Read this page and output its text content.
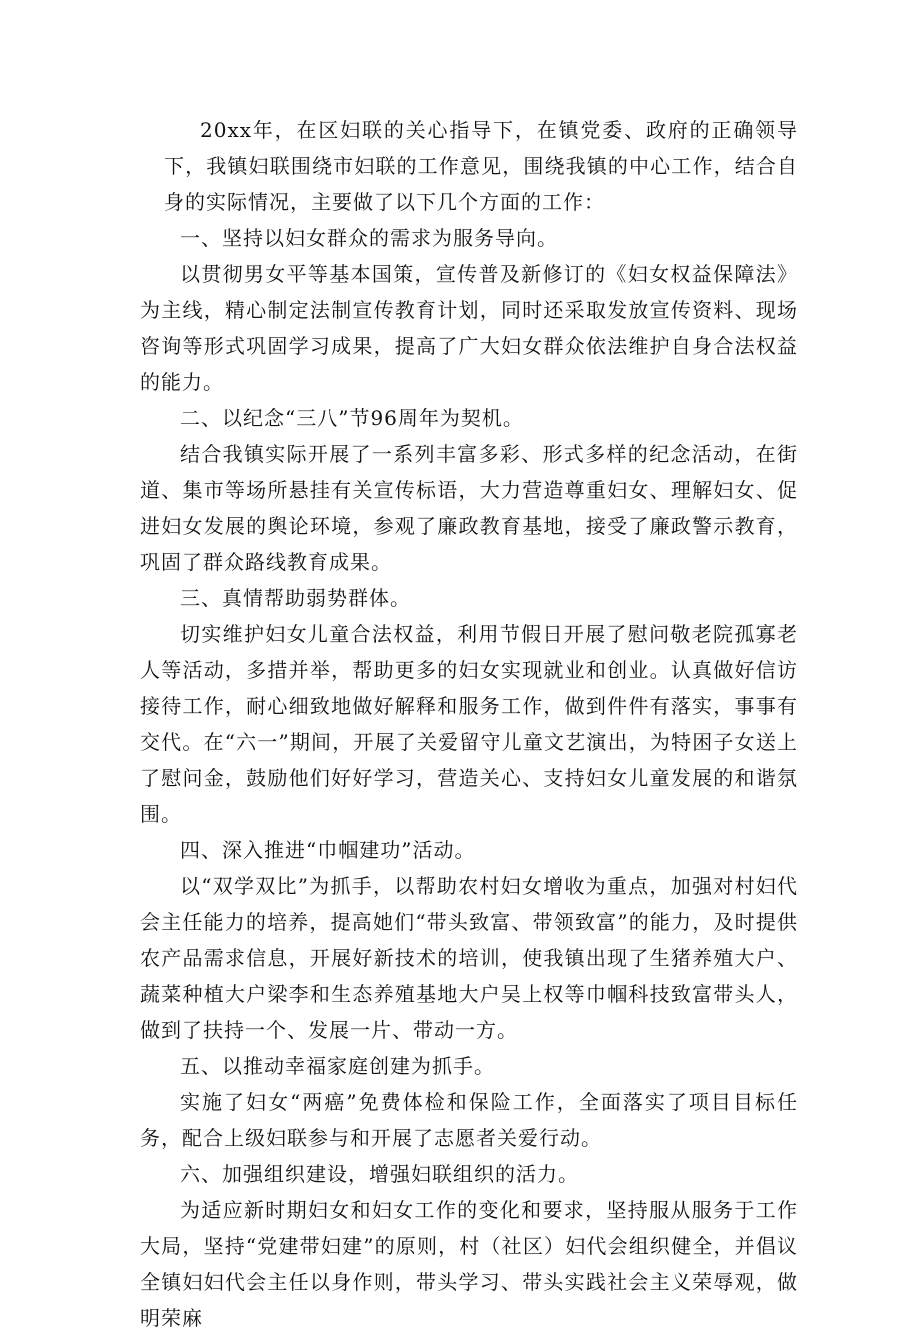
20xx年，在区妇联的关心指导下，在镇党委、政府的正确领导下，我镇妇联围绕市妇联的工作意见，围绕我镇的中心工作，结合自身的实际情况，主要做了以下几个方面的工作：

一、坚持以妇女群众的需求为服务导向。

以贯彻男女平等基本国策，宣传普及新修订的《妇女权益保障法》为主线，精心制定法制宣传教育计划，同时还采取发放宣传资料、现场咨询等形式巩固学习成果，提高了广大妇女群众依法维护自身合法权益的能力。

二、以纪念“三八”节96周年为契机。

结合我镇实际开展了一系列丰富多彩、形式多样的纪念活动，在街道、集市等场所悬挂有关宣传标语，大力营造尊重妇女、理解妇女、促进妇女发展的舆论环境，参观了廉政教育基地，接受了廉政警示教育，巩固了群众路线教育成果。

三、真情帮助弱势群体。

切实维护妇女儿童合法权益，利用节假日开展了慰问敬老院孤寡老人等活动，多措并举，帮助更多的妇女实现就业和创业。认真做好信访接待工作，耐心细致地做好解释和服务工作，做到件件有落实，事事有交代。在“六一”期间，开展了关爱留守儿童文艺演出，为特困子女送上了慰问金，鼓励他们好好学习，营造关心、支持妇女儿童发展的和谐氛围。

四、深入推进“巾帼建功”活动。

以“双学双比”为抓手，以帮助农村妇女增收为重点，加强对村妇代会主任能力的培养，提高她们“带头致富、带领致富”的能力，及时提供农产品需求信息，开展好新技术的培训，使我镇出现了生猪养殖大户、蔬菜种植大户梁李和生态养殖基地大户吴上权等巾帼科技致富带头人，做到了扶持一个、发展一片、带动一方。

五、以推动幸福家庭创建为抓手。

实施了妇女“两癌”免费体检和保险工作，全面落实了项目目标任务，配合上级妇联参与和开展了志愿者关爱行动。

六、加强组织建设，增强妇联组织的活力。

为适应新时期妇女和妇女工作的变化和要求，坚持服从服务于工作大局，坚持“党建带妇建”的原则，村（社区）妇代会组织健全，并倡议全镇妇妇代会主任以身作则，带头学习、带头实践社会主义荣辱观，做明荣麻
